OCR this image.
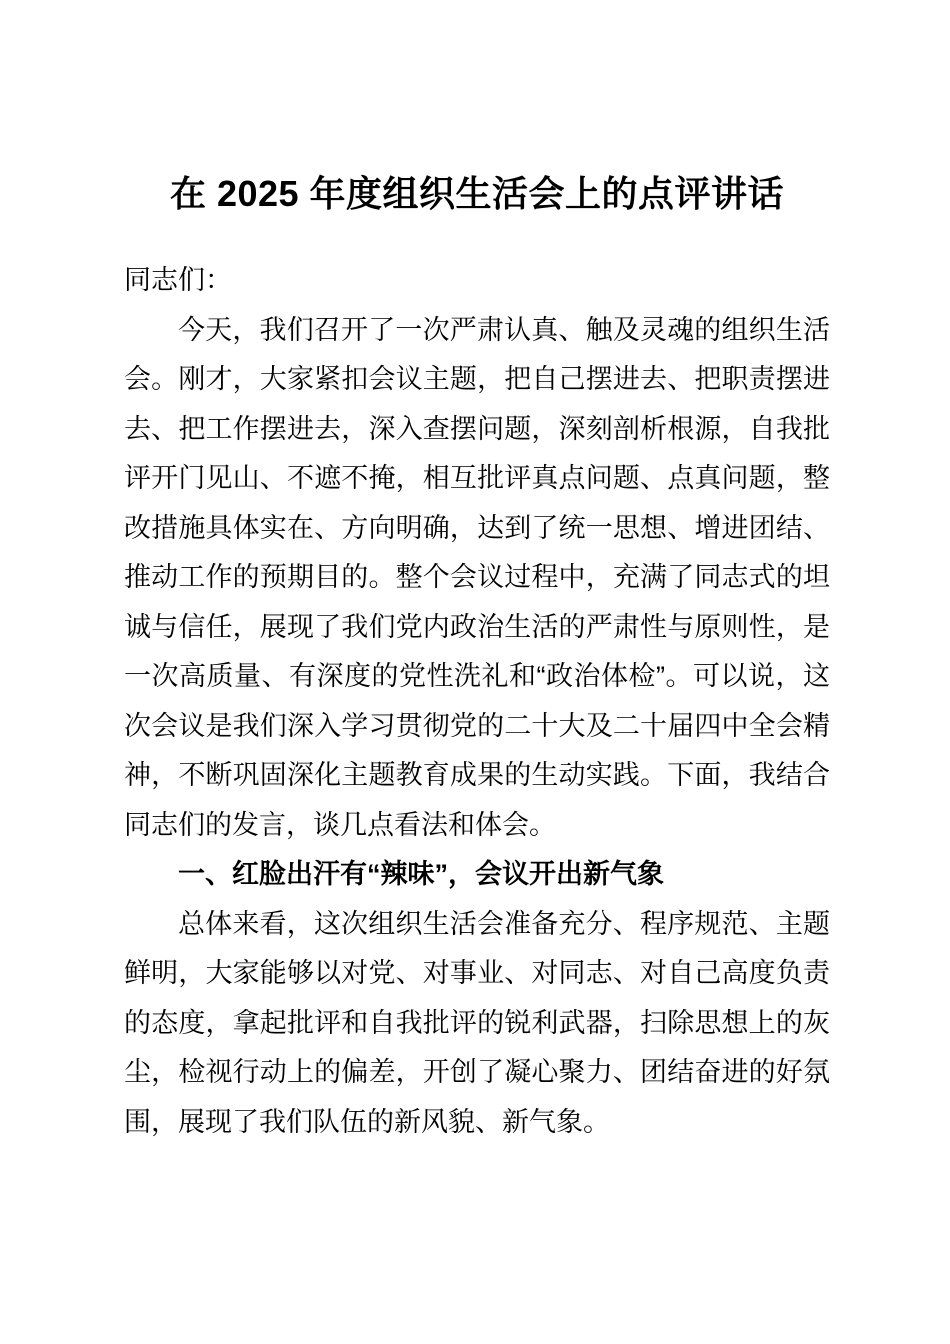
在 2025 年度组织生活会上的点评讲话

同志们：

今天，我们召开了一次严肃认真、触及灵魂的组织生活会。刚才，大家紧扣会议主题，把自己摆进去、把职责摆进去、把工作摆进去，深入查摆问题，深刻剖析根源，自我批评开门见山、不遮不掩，相互批评真点问题、点真问题，整改措施具体实在、方向明确，达到了统一思想、增进团结、推动工作的预期目的。整个会议过程中，充满了同志式的坦诚与信任，展现了我们党内政治生活的严肃性与原则性，是一次高质量、有深度的党性洗礼和“政治体检”。可以说，这次会议是我们深入学习贯彻党的二十大及二十届四中全会精神，不断巩固深化主题教育成果的生动实践。下面，我结合同志们的发言，谈几点看法和体会。

一、红脸出汗有“辣味”，会议开出新气象

总体来看，这次组织生活会准备充分、程序规范、主题鲜明，大家能够以对党、对事业、对同志、对自己高度负责的态度，拿起批评和自我批评的锐利武器，扫除思想上的灰尘，检视行动上的偏差，开创了凝心聚力、团结奋进的好氛围，展现了我们队伍的新风貌、新气象。
